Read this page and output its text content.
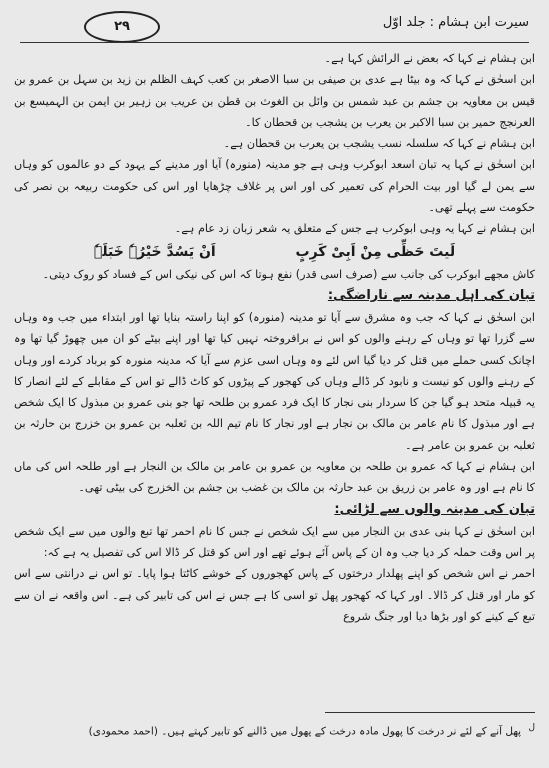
۲۹	سیرت ابن ہشام : جلد اوّل

ابن ہشام نے کہا کہ بعض نے الرائش کہا ہے۔

ابن اسحٰق نے کہا کہ وہ بیٹا ہے عدی بن صیفی بن سبا الاصغر بن کعب کہف الظلم بن زید بن سہل بن عمرو بن قیس بن معاویہ بن جشم بن عبد شمس بن وائل بن الغوث بن قطن بن عریب بن زہیر بن ایمن بن الہمیسع بن العرنجج حمیر بن سبا الاکبر بن یعرب بن یشجب بن قحطان کا۔

ابن ہشام نے کہا کہ سلسلہ نسب یشجب بن یعرب بن قحطان ہے۔

ابن اسحٰق نے کہا یہ تبان اسعد ابوکرب وہی ہے جو مدینہ (منورہ) آیا اور مدینے کے یہود کے دو عالموں کو وہاں سے یمن لے گیا اور بیت الحرام کی تعمیر کی اور اس پر غلاف چڑھایا اور اس کی حکومت ربیعہ بن نصر کی حکومت سے پہلے تھی۔

ابن ہشام نے کہا یہ وہی ابوکرب ہے جس کے متعلق یہ شعر زبان زد عام ہے۔

لَیتَ حَظِّی مِنْ اَبِیْ کَرِبٍ
اَنْ یَسُدَّ خَیْرُہٗ خَبَلَہٗ

کاش مجھے ابوکرب کی جانب سے (صرف اسی قدر) نفع ہوتا کہ اس کی نیکی اس کے فساد کو روک دیتی۔

تبان کی اہل مدینہ سے ناراضگی:

ابن اسحٰق نے کہا کہ جب وہ مشرق سے آیا تو مدینہ (منورہ) کو اپنا راستہ بنایا تھا اور ابتداء میں جب وہ وہاں سے گزرا تھا تو وہاں کے رہنے والوں کو اس نے برافروختہ نہیں کیا تھا اور اپنے بیٹے کو ان میں چھوڑ گیا تھا وہ اچانک کسی حملے میں قتل کر دیا گیا اس لئے وہ وہاں اسی عزم سے آیا کہ مدینہ منورہ کو برباد کردے اور وہاں کے رہنے والوں کو نیست و نابود کر ڈالے وہاں کی کھجور کے پیڑوں کو کاٹ ڈالے تو اس کے مقابلے کے لئے انصار کا یہ قبیلہ متحد ہو گیا جن کا سردار بنی نجار کا ایک فرد عمرو بن طلحہ تھا جو بنی عمرو بن مبذول کا ایک شخص ہے اور مبذول کا نام عامر بن مالک بن نجار ہے اور نجار کا نام تیم اللہ بن ثعلبہ بن عمرو بن خزرج بن حارثہ بن ثعلبہ بن عمرو بن عامر ہے۔

ابن ہشام نے کہا کہ عمرو بن طلحہ بن معاویہ بن عمرو بن عامر بن مالک بن النجار ہے اور طلحہ اس کی ماں کا نام ہے اور وہ عامر بن زریق بن عبد حارثہ بن مالک بن غضب بن جشم بن الخزرج کی بیٹی تھی۔

تبان کی مدینہ والوں سے لڑائی:

ابن اسحٰق نے کہا بنی عدی بن النجار میں سے ایک شخص نے جس کا نام احمر تھا تبع والوں میں سے ایک شخص پر اس وقت حملہ کر دیا جب وہ ان کے پاس آئے ہوئے تھے اور اس کو قتل کر ڈالا اس کی تفصیل یہ ہے کہ:

احمر نے اس شخص کو اپنے پھلدار درختوں کے پاس کھجوروں کے خوشے کاٹتا ہوا پایا۔ تو اس نے درانتی سے اس کو مار اور قتل کر ڈالا۔ اور کہا کہ کھجور پھل تو اسی کا ہے جس نے اس کی تابیر کی ہے۔ اس واقعہ نے ان سے تبع کے کینے کو اور بڑھا دیا اور جنگ شروع

ل پھل آنے کے لئے نر درخت کا پھول مادہ درخت کے پھول میں ڈالنے کو تابیر کہتے ہیں۔ (احمد محمودی)
